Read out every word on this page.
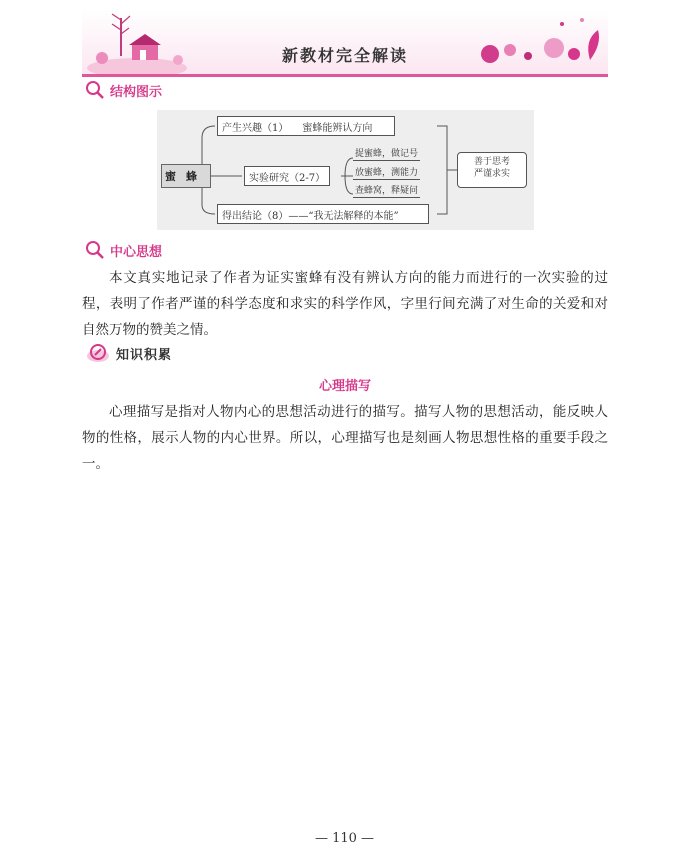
新教材完全解读
结构图示
蜜蜂
产生兴趣（1） 蜜蜂能辨认方向
实验研究（2-7）
捉蜜蜂，做记号
放蜜蜂，测能力
查蜂窝，释疑问
得出结论（8）——“我无法解释的本能”
善于思考
严谨求实
中心思想
本文真实地记录了作者为证实蜜蜂有没有辨认方向的能力而进行的一次实验的过程，表明了作者严谨的科学态度和求实的科学作风，字里行间充满了对生命的关爱和对自然万物的赞美之情。
知识积累
心理描写
心理描写是指对人物内心的思想活动进行的描写。描写人物的思想活动，能反映人物的性格，展示人物的内心世界。所以，心理描写也是刻画人物思想性格的重要手段之一。
— 110 —
